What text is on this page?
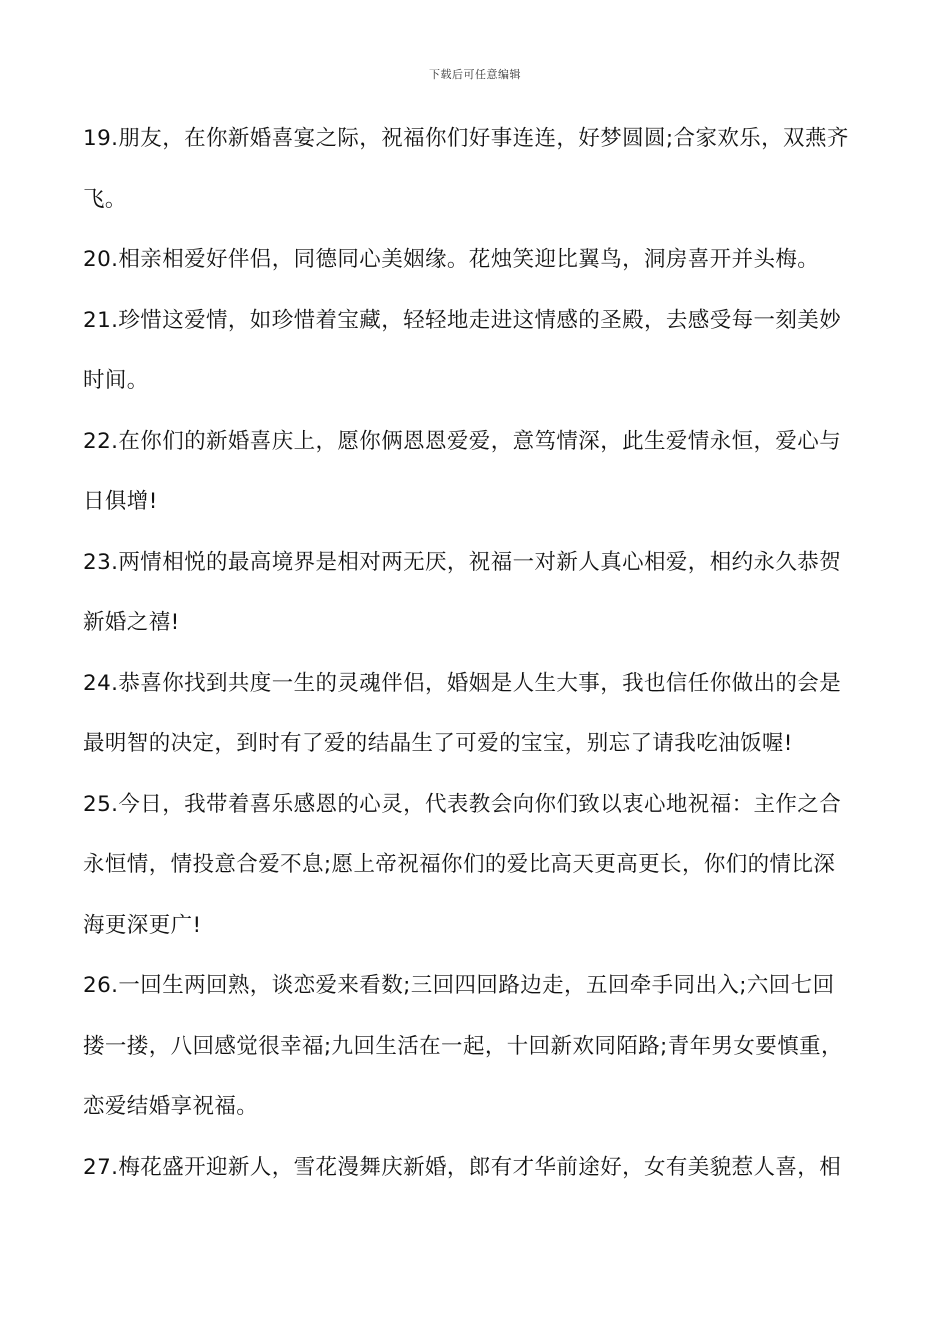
下载后可任意编辑
19.朋友，在你新婚喜宴之际，祝福你们好事连连，好梦圆圆;合家欢乐，双燕齐
飞。
20.相亲相爱好伴侣，同德同心美姻缘。花烛笑迎比翼鸟，洞房喜开并头梅。
21.珍惜这爱情，如珍惜着宝藏，轻轻地走进这情感的圣殿，去感受每一刻美妙
时间。
22.在你们的新婚喜庆上，愿你俩恩恩爱爱，意笃情深，此生爱情永恒，爱心与
日俱增!
23.两情相悦的最高境界是相对两无厌，祝福一对新人真心相爱，相约永久恭贺
新婚之禧!
24.恭喜你找到共度一生的灵魂伴侣，婚姻是人生大事，我也信任你做出的会是
最明智的决定，到时有了爱的结晶生了可爱的宝宝，别忘了请我吃油饭喔!
25.今日，我带着喜乐感恩的心灵，代表教会向你们致以衷心地祝福：主作之合
永恒情，情投意合爱不息;愿上帝祝福你们的爱比高天更高更长，你们的情比深
海更深更广!
26.一回生两回熟，谈恋爱来看数;三回四回路边走，五回牵手同出入;六回七回
搂一搂，八回感觉很幸福;九回生活在一起，十回新欢同陌路;青年男女要慎重，
恋爱结婚享祝福。
27.梅花盛开迎新人，雪花漫舞庆新婚，郎有才华前途好，女有美貌惹人喜，相
